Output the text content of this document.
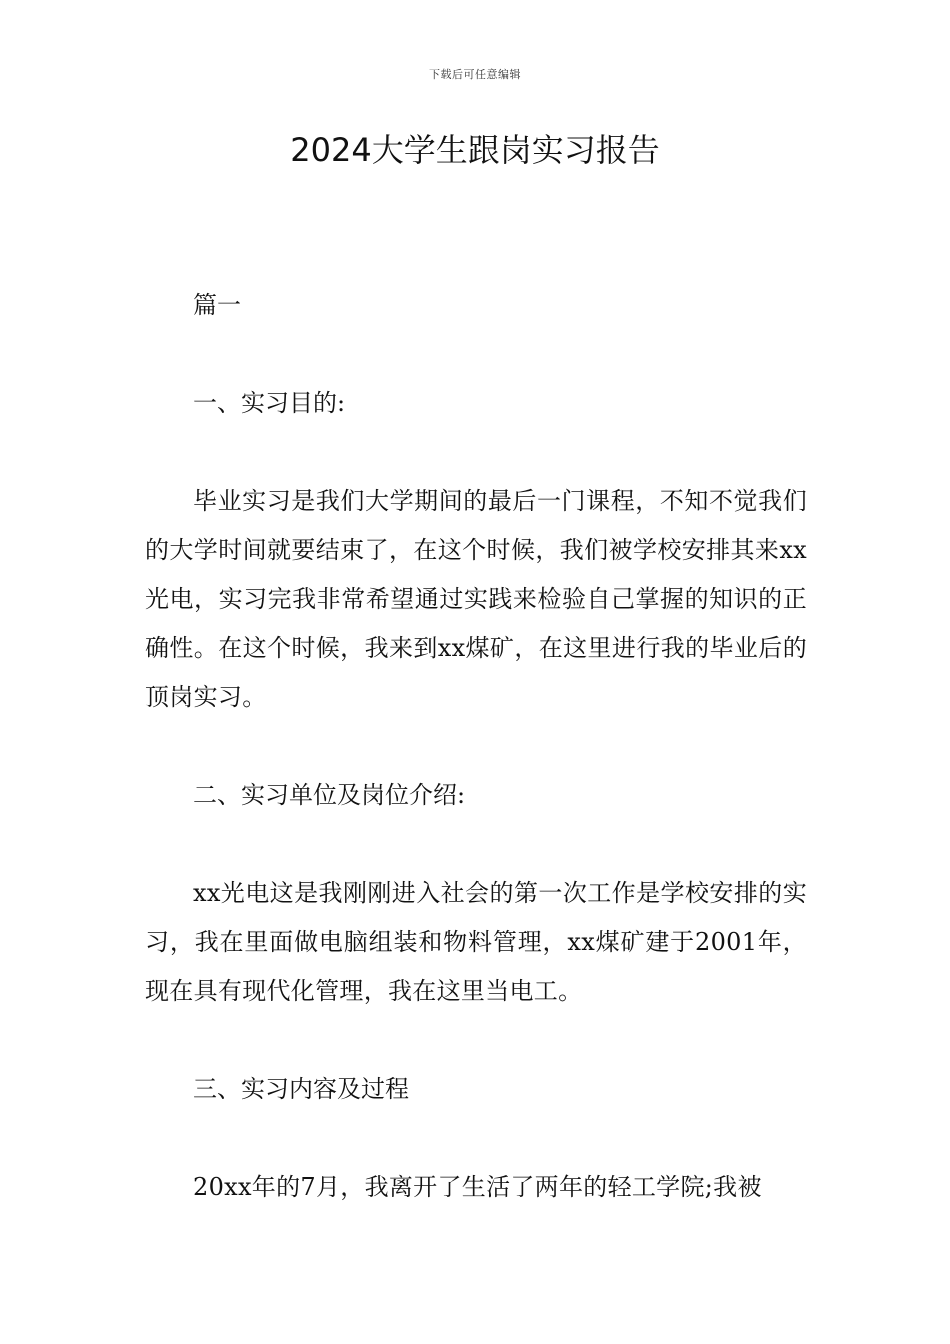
下载后可任意编辑
2024大学生跟岗实习报告

篇一

一、实习目的:

毕业实习是我们大学期间的最后一门课程，不知不觉我们的大学时间就要结束了，在这个时候，我们被学校安排其来xx光电，实习完我非常希望通过实践来检验自己掌握的知识的正确性。在这个时候，我来到xx煤矿，在这里进行我的毕业后的顶岗实习。

二、实习单位及岗位介绍:

xx光电这是我刚刚进入社会的第一次工作是学校安排的实习，我在里面做电脑组装和物料管理，xx煤矿建于2001年，现在具有现代化管理，我在这里当电工。

三、实习内容及过程

20xx年的7月，我离开了生活了两年的轻工学院;我被
